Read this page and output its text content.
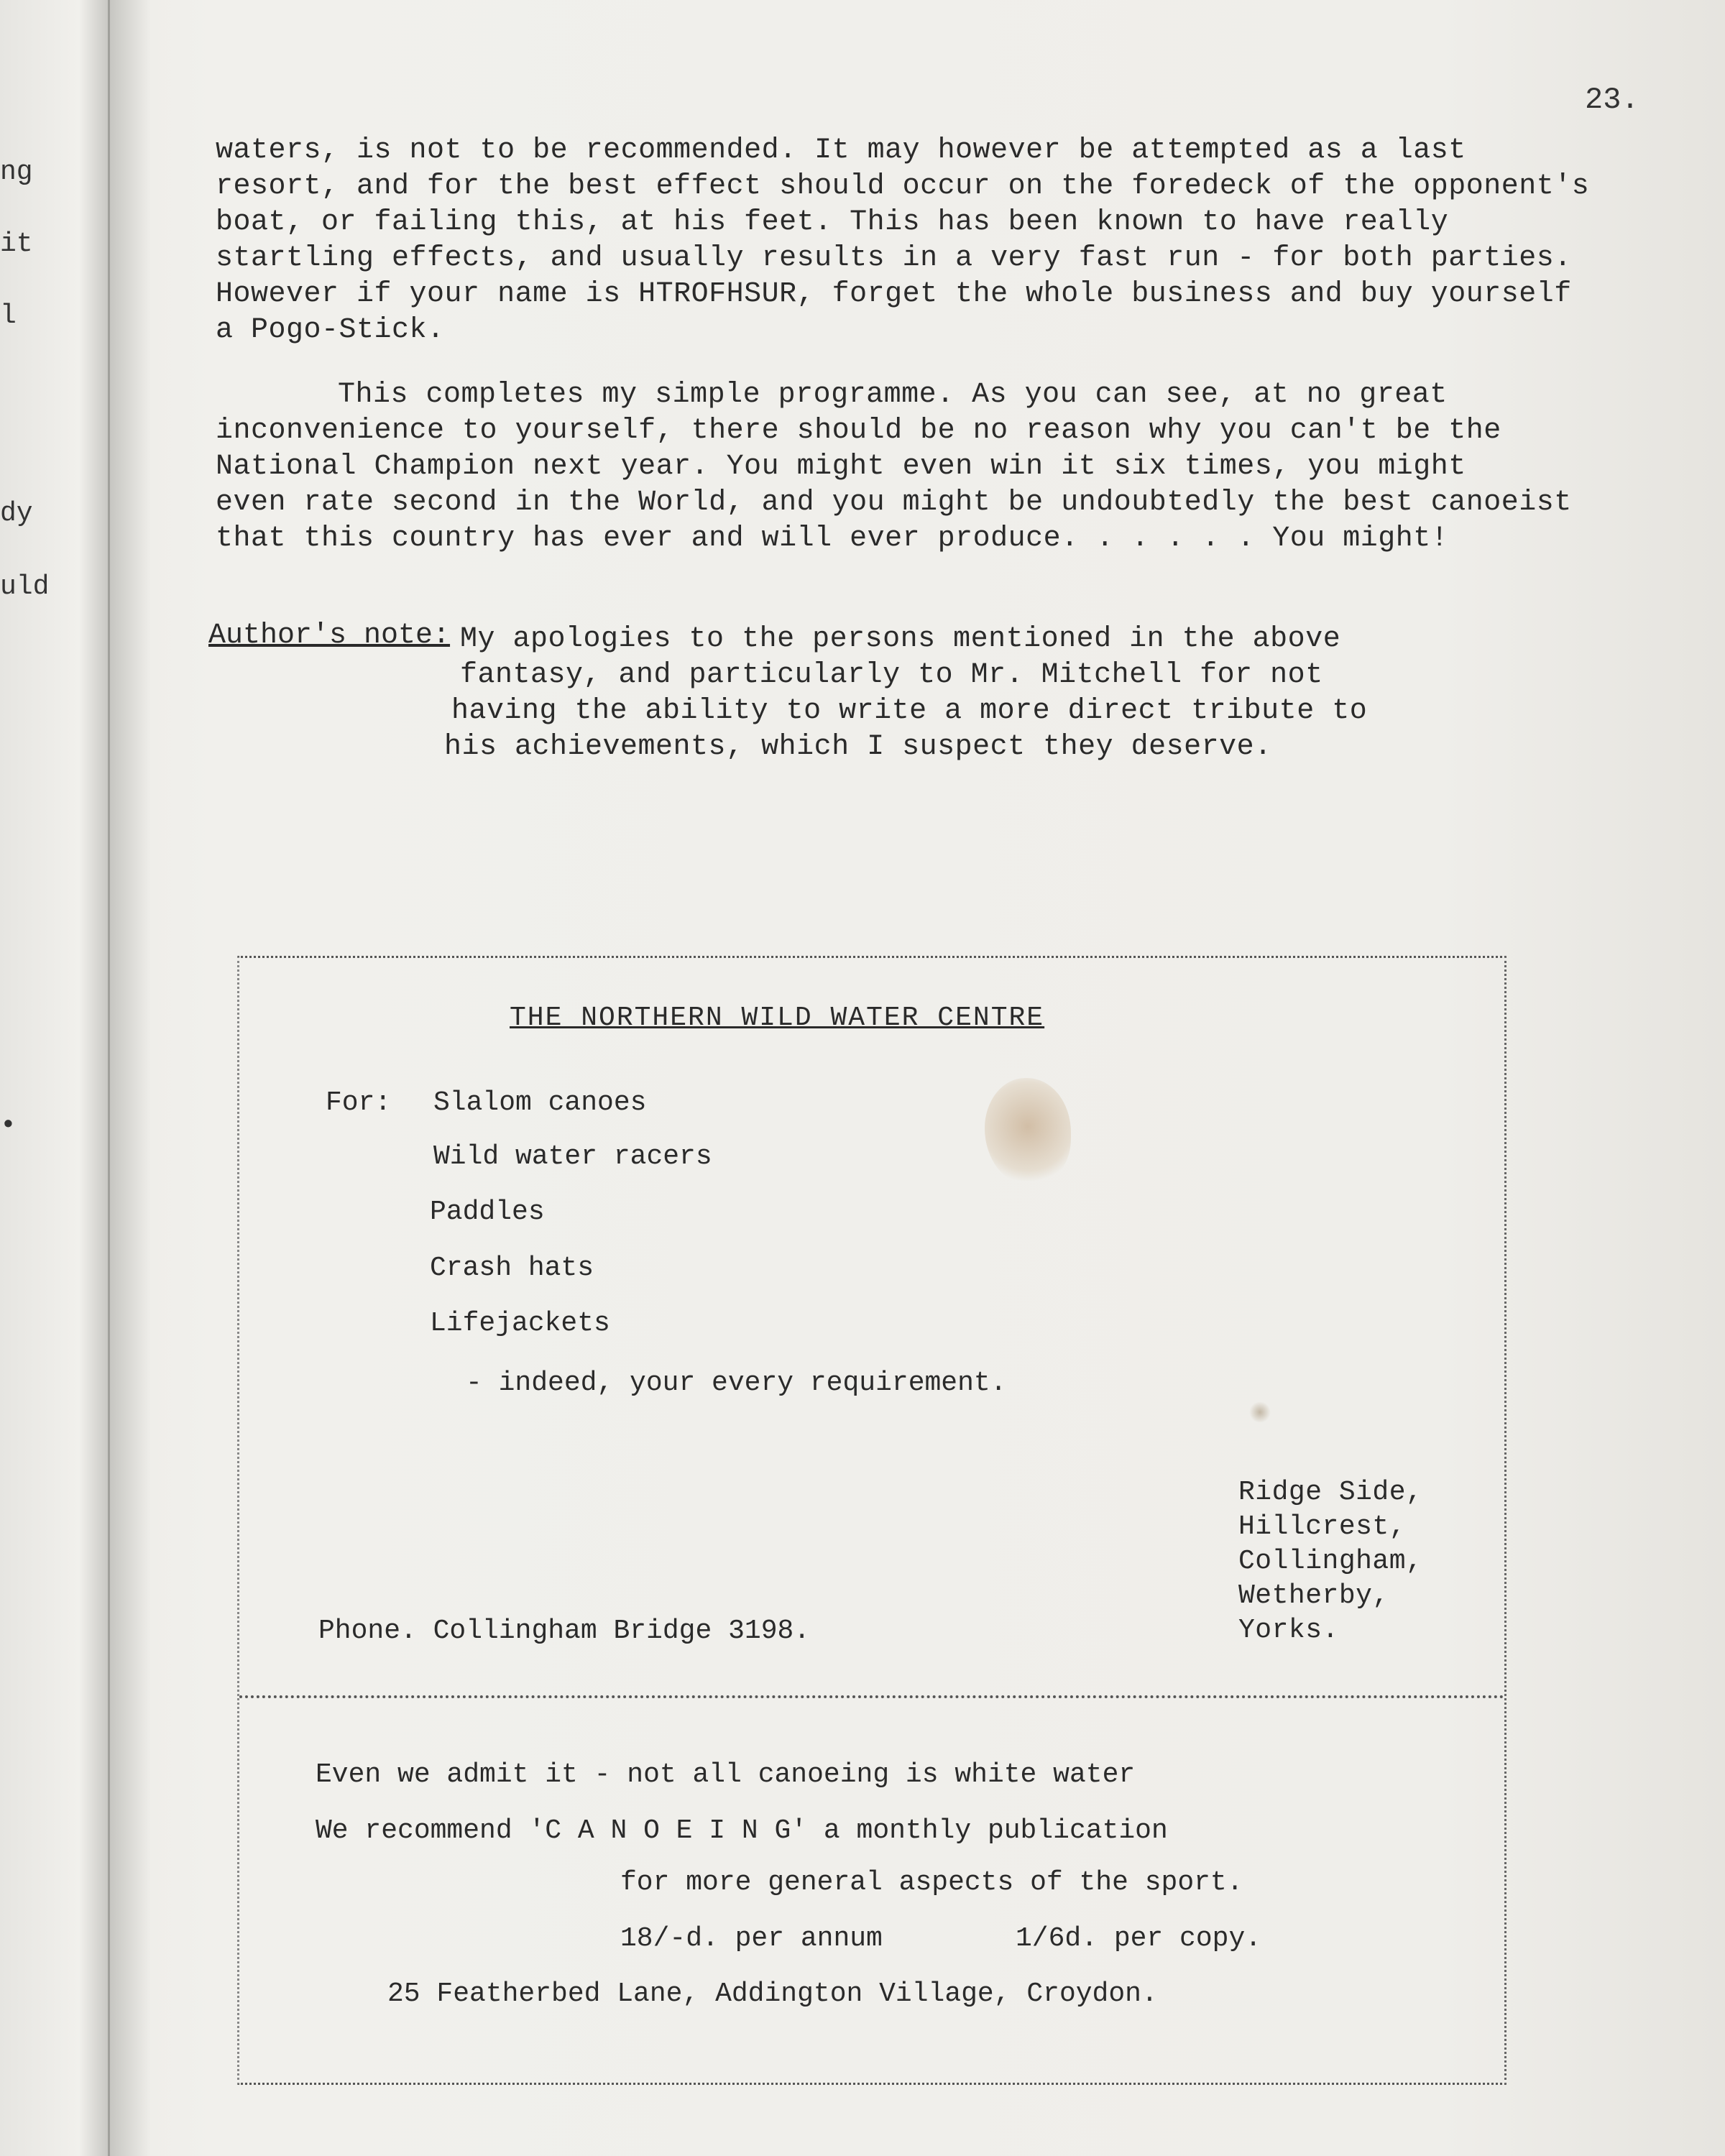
ng
it
l
dy
uld
•
23.
waters, is not to be recommended. It may however be attempted as a last
resort, and for the best effect should occur on the foredeck of the opponent's
boat, or failing this, at his feet. This has been known to have really
startling effects, and usually results in a very fast run - for both parties.
However if your name is HTROFHSUR, forget the whole business and buy yourself
a Pogo-Stick.
This completes my simple programme. As you can see, at no great
inconvenience to yourself, there should be no reason why you can't be the
National Champion next year. You might even win it six times, you might
even rate second in the World, and you might be undoubtedly the best canoeist
that this country has ever and will ever produce. . . . . . You might!
Author's note: My apologies to the persons mentioned in the above
fantasy, and particularly to Mr. Mitchell for not
having the ability to write a more direct tribute to
his achievements, which I suspect they deserve.
THE NORTHERN WILD WATER CENTRE
For: Slalom canoes
Wild water racers
Paddles
Crash hats
Lifejackets
- indeed, your every requirement.
Ridge Side,
Hillcrest,
Collingham,
Wetherby,
Yorks.
Phone. Collingham Bridge 3198.
Even we admit it - not all canoeing is white water
We recommend 'C A N O E I N G' a monthly publication
for more general aspects of the sport.
18/-d. per annum	1/6d. per copy.
25 Featherbed Lane, Addington Village, Croydon.
